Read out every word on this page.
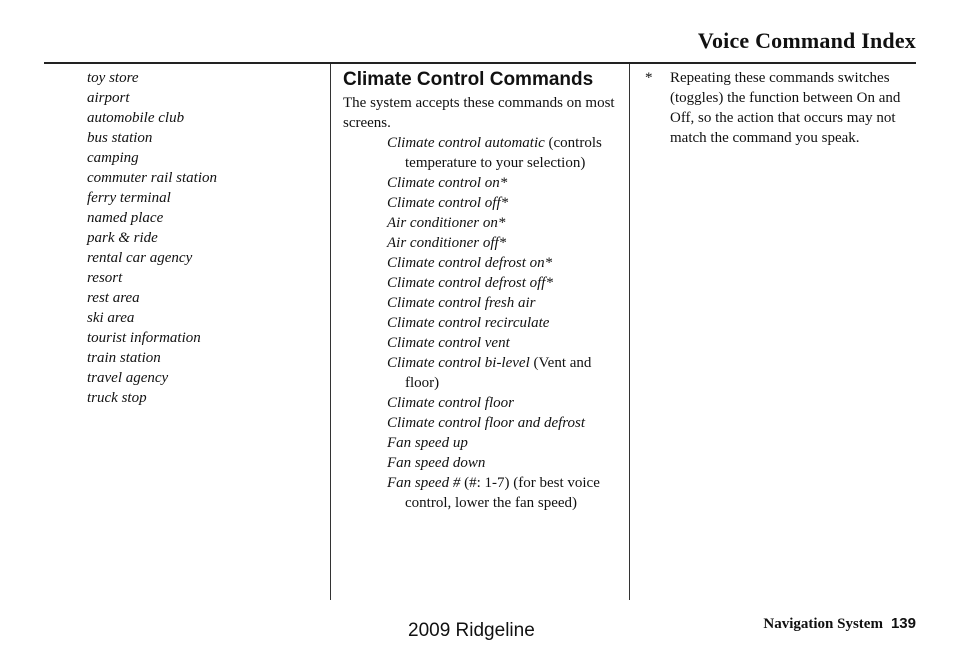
Voice Command Index
toy store
airport
automobile club
bus station
camping
commuter rail station
ferry terminal
named place
park & ride
rental car agency
resort
rest area
ski area
tourist information
train station
travel agency
truck stop
Climate Control Commands
The system accepts these commands on most screens.
Climate control automatic (controls temperature to your selection)
Climate control on*
Climate control off*
Air conditioner on*
Air conditioner off*
Climate control defrost on*
Climate control defrost off*
Climate control fresh air
Climate control recirculate
Climate control vent
Climate control bi-level (Vent and floor)
Climate control floor
Climate control floor and defrost
Fan speed up
Fan speed down
Fan speed # (#: 1-7) (for best voice control, lower the fan speed)
*	Repeating these commands switches (toggles) the function between On and Off, so the action that occurs may not match the command you speak.
Navigation System 139
2009 Ridgeline
